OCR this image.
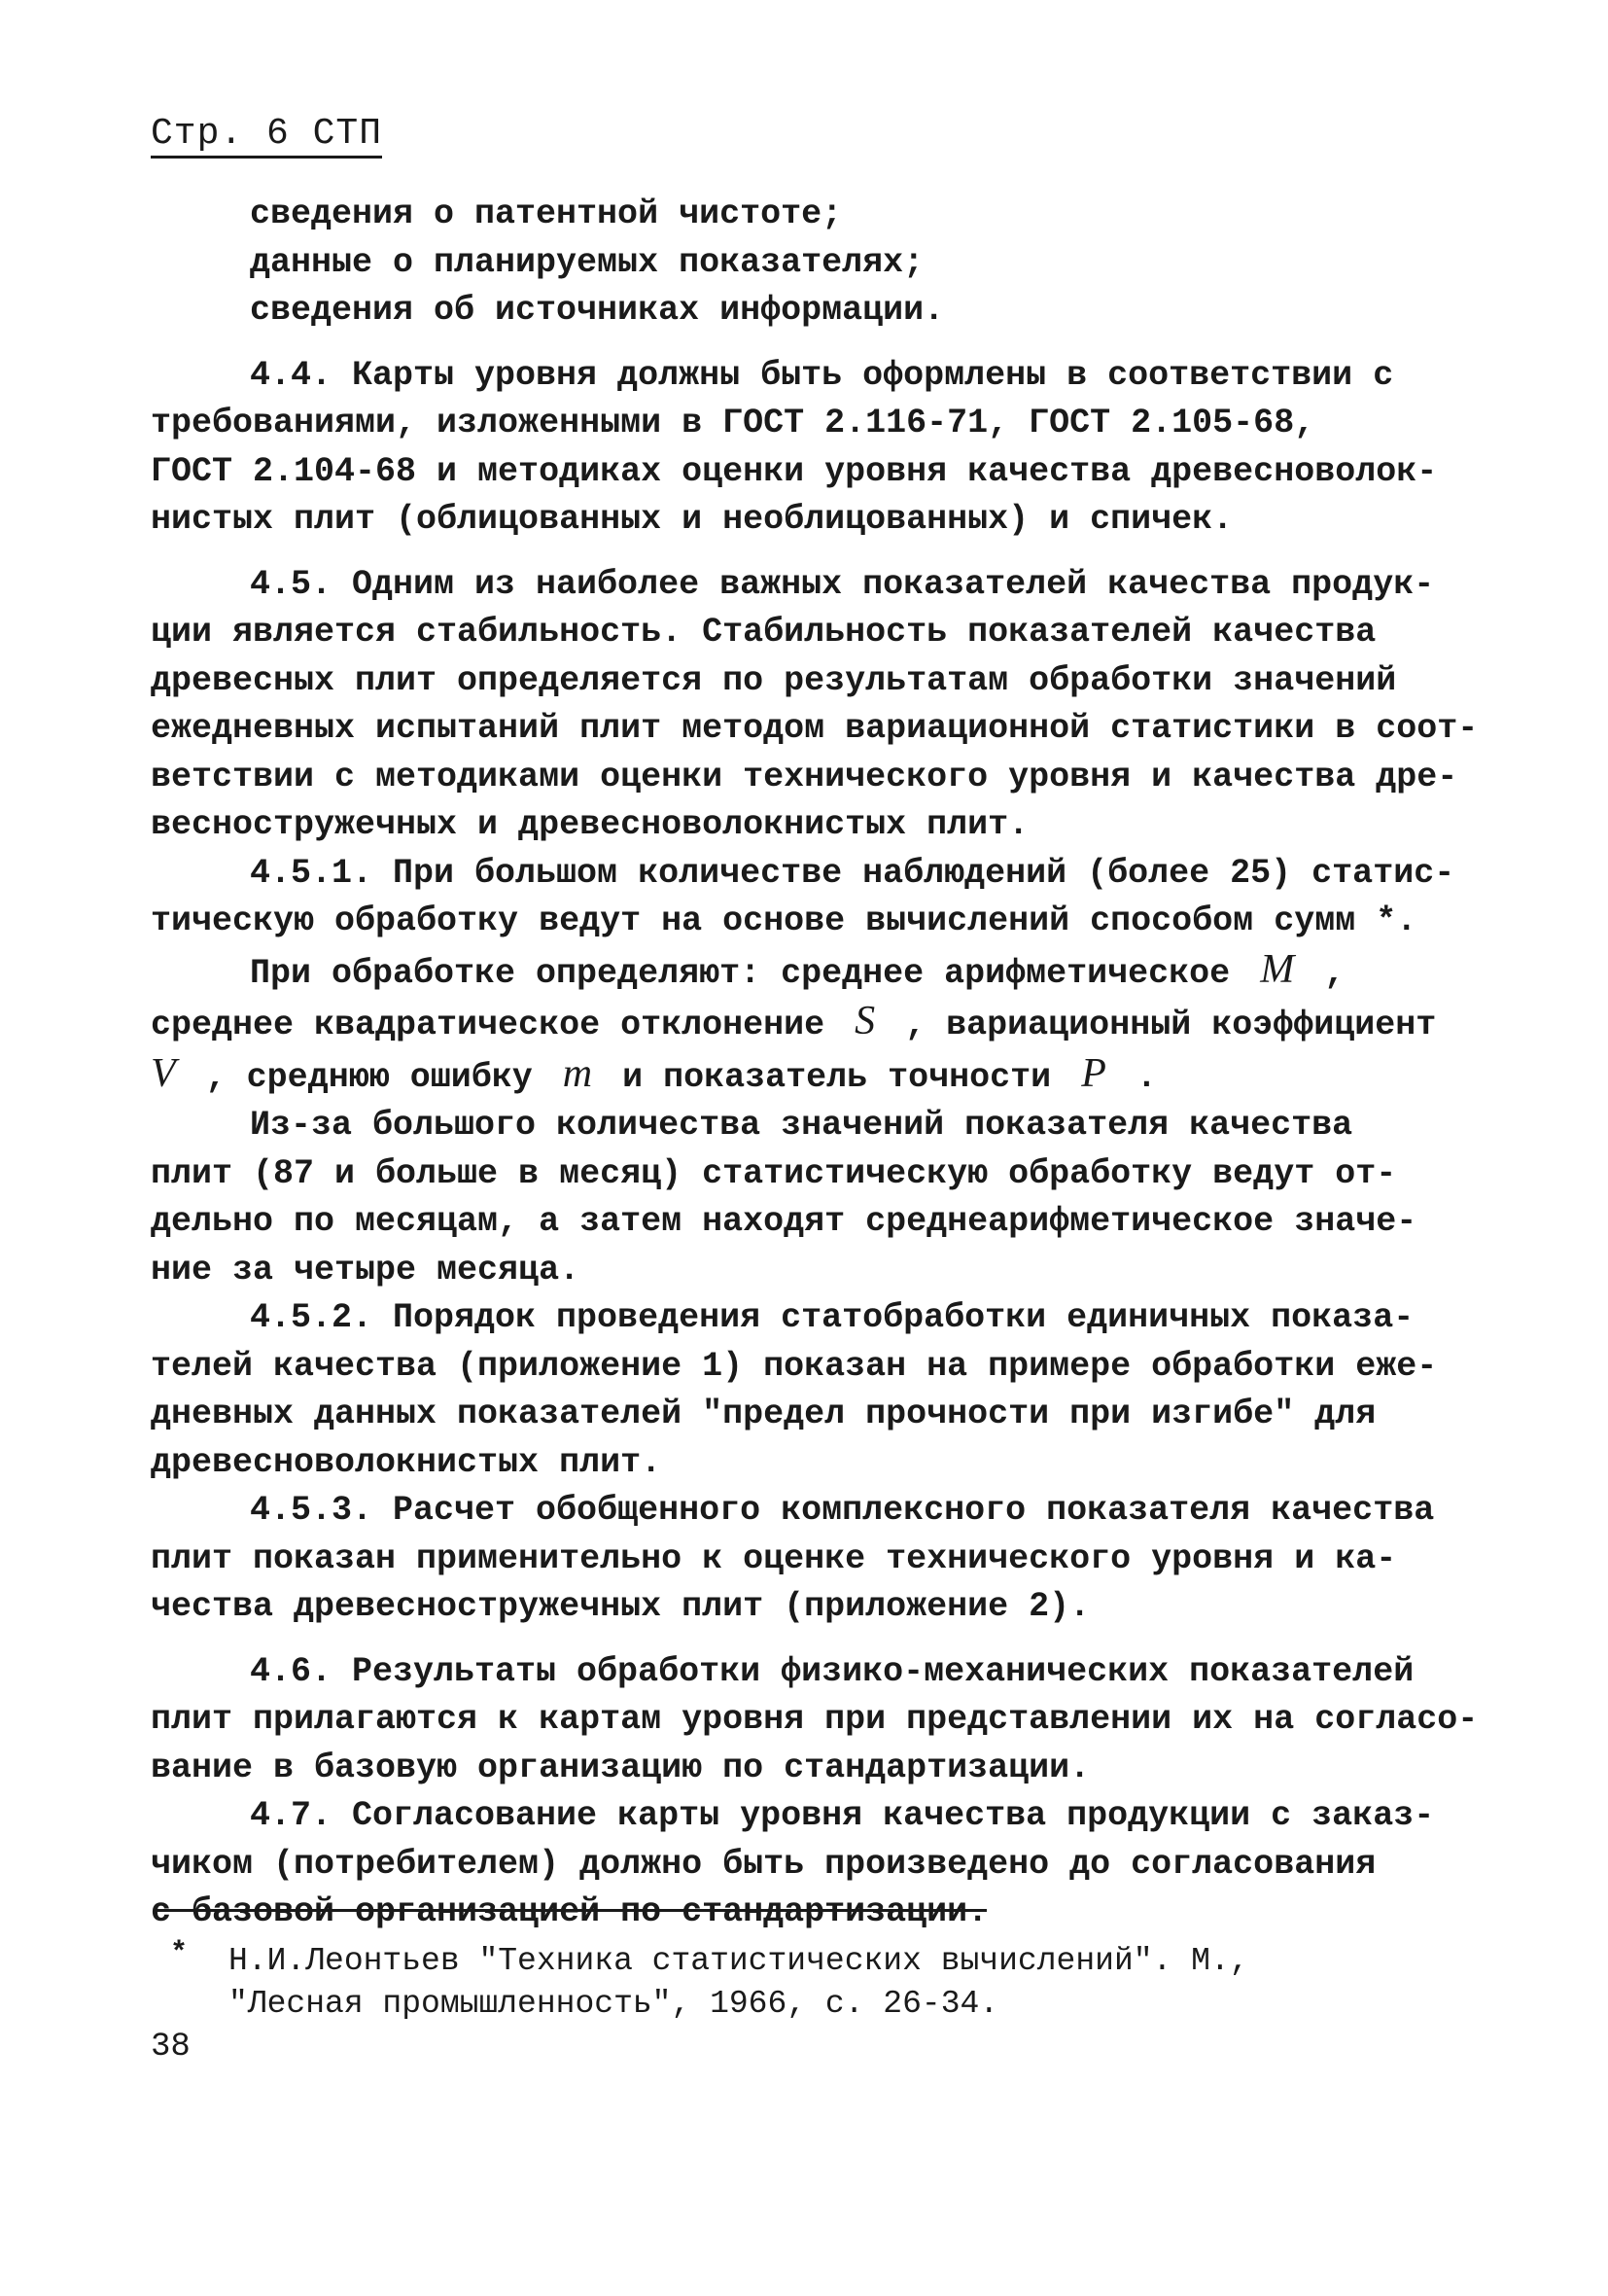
Стр. 6 СТП
сведения о патентной чистоте;
данные о планируемых показателях;
сведения об источниках информации.
4.4. Карты уровня должны быть оформлены в соответствии с
требованиями, изложенными в ГОСТ 2.116-71, ГОСТ 2.105-68,
ГОСТ 2.104-68 и методиках оценки уровня качества древесноволок-
нистых плит (облицованных и необлицованных) и спичек.
4.5. Одним из наиболее важных показателей качества продук-
ции является стабильность. Стабильность показателей качества
древесных плит определяется по результатам обработки значений
ежедневных испытаний плит методом вариационной статистики в соот-
ветствии с методиками оценки технического уровня и качества дре-
весностружечных и древесноволокнистых плит.
4.5.1. При большом количестве наблюдений (более 25) статис-
тическую обработку ведут на основе вычислений способом сумм *.
При обработке определяют: среднее арифметическое M ,
среднее квадратическое отклонение S , вариационный коэффициент
V , среднюю ошибку m и показатель точности P .
Из-за большого количества значений показателя качества
плит (87 и больше в месяц) статистическую обработку ведут от-
дельно по месяцам, а затем находят среднеарифметическое значе-
ние за четыре месяца.
4.5.2. Порядок проведения статобработки единичных показа-
телей качества (приложение 1) показан на примере обработки еже-
дневных данных показателей "предел прочности при изгибе" для
древесноволокнистых плит.
4.5.3. Расчет обобщенного комплексного показателя качества
плит показан применительно к оценке технического уровня и ка-
чества древесностружечных плит (приложение 2).
4.6. Результаты обработки физико-механических показателей
плит прилагаются к картам уровня при представлении их на согласо-
вание в базовую организацию по стандартизации.
4.7. Согласование карты уровня качества продукции с заказ-
чиком (потребителем) должно быть произведено до согласования
с базовой организацией по стандартизации.
*	Н.И.Леонтьев "Техника статистических вычислений". М.,
"Лесная промышленность", 1966, с. 26-34.
38
